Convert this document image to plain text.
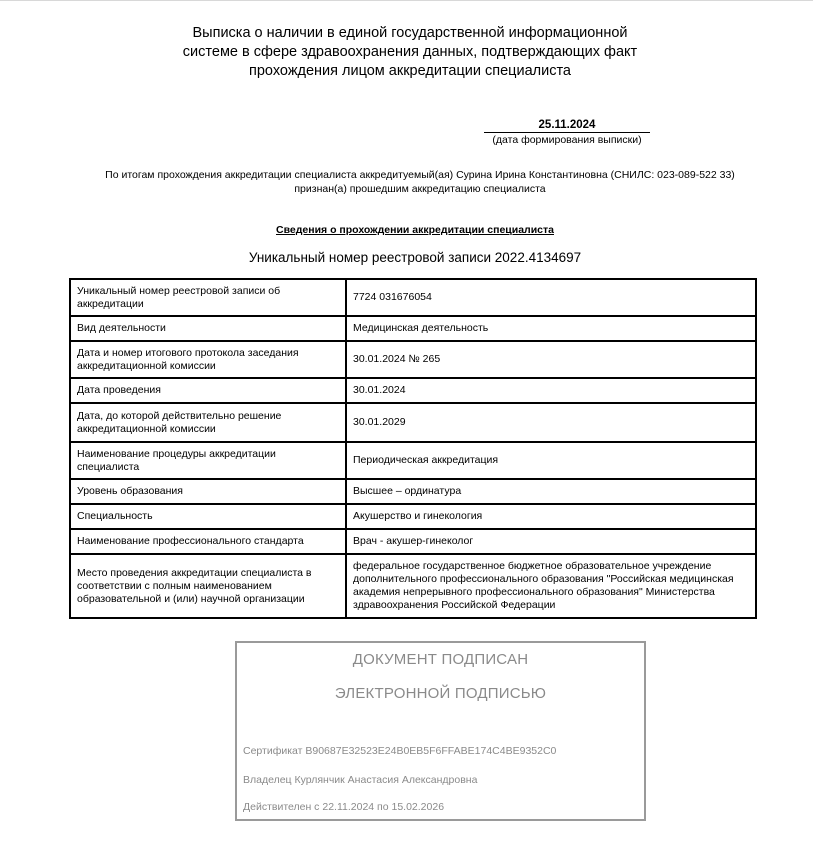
Выписка о наличии в единой государственной информационной
системе в сфере здравоохранения данных, подтверждающих факт
прохождения лицом аккредитации специалиста
25.11.2024
(дата формирования выписки)
По итогам прохождения аккредитации специалиста аккредитуемый(ая) Сурина Ирина Константиновна (СНИЛС: 023-089-522 33)
признан(а) прошедшим аккредитацию специалиста
Сведения о прохождении аккредитации специалиста
Уникальный номер реестровой записи 2022.4134697
Уникальный номер реестровой записи об аккредитации	7724 031676054
Вид деятельности	Медицинская деятельность
Дата и номер итогового протокола заседания аккредитационной комиссии	30.01.2024 № 265
Дата проведения	30.01.2024
Дата, до которой действительно решение аккредитационной комиссии	30.01.2029
Наименование процедуры аккредитации специалиста	Периодическая аккредитация
Уровень образования	Высшее – ординатура
Специальность	Акушерство и гинекология
Наименование профессионального стандарта	Врач - акушер-гинеколог
Место проведения аккредитации специалиста в соответствии с полным наименованием образовательной и (или) научной организации	федеральное государственное бюджетное образовательное учреждение дополнительного профессионального образования "Российская медицинская академия непрерывного профессионального образования" Министерства здравоохранения Российской Федерации
ДОКУМЕНТ ПОДПИСАН
ЭЛЕКТРОННОЙ ПОДПИСЬЮ
Сертификат B90687E32523E24B0EB5F6FFABE174C4BE9352C0
Владелец Курлянчик Анастасия Александровна
Действителен с 22.11.2024 по 15.02.2026
